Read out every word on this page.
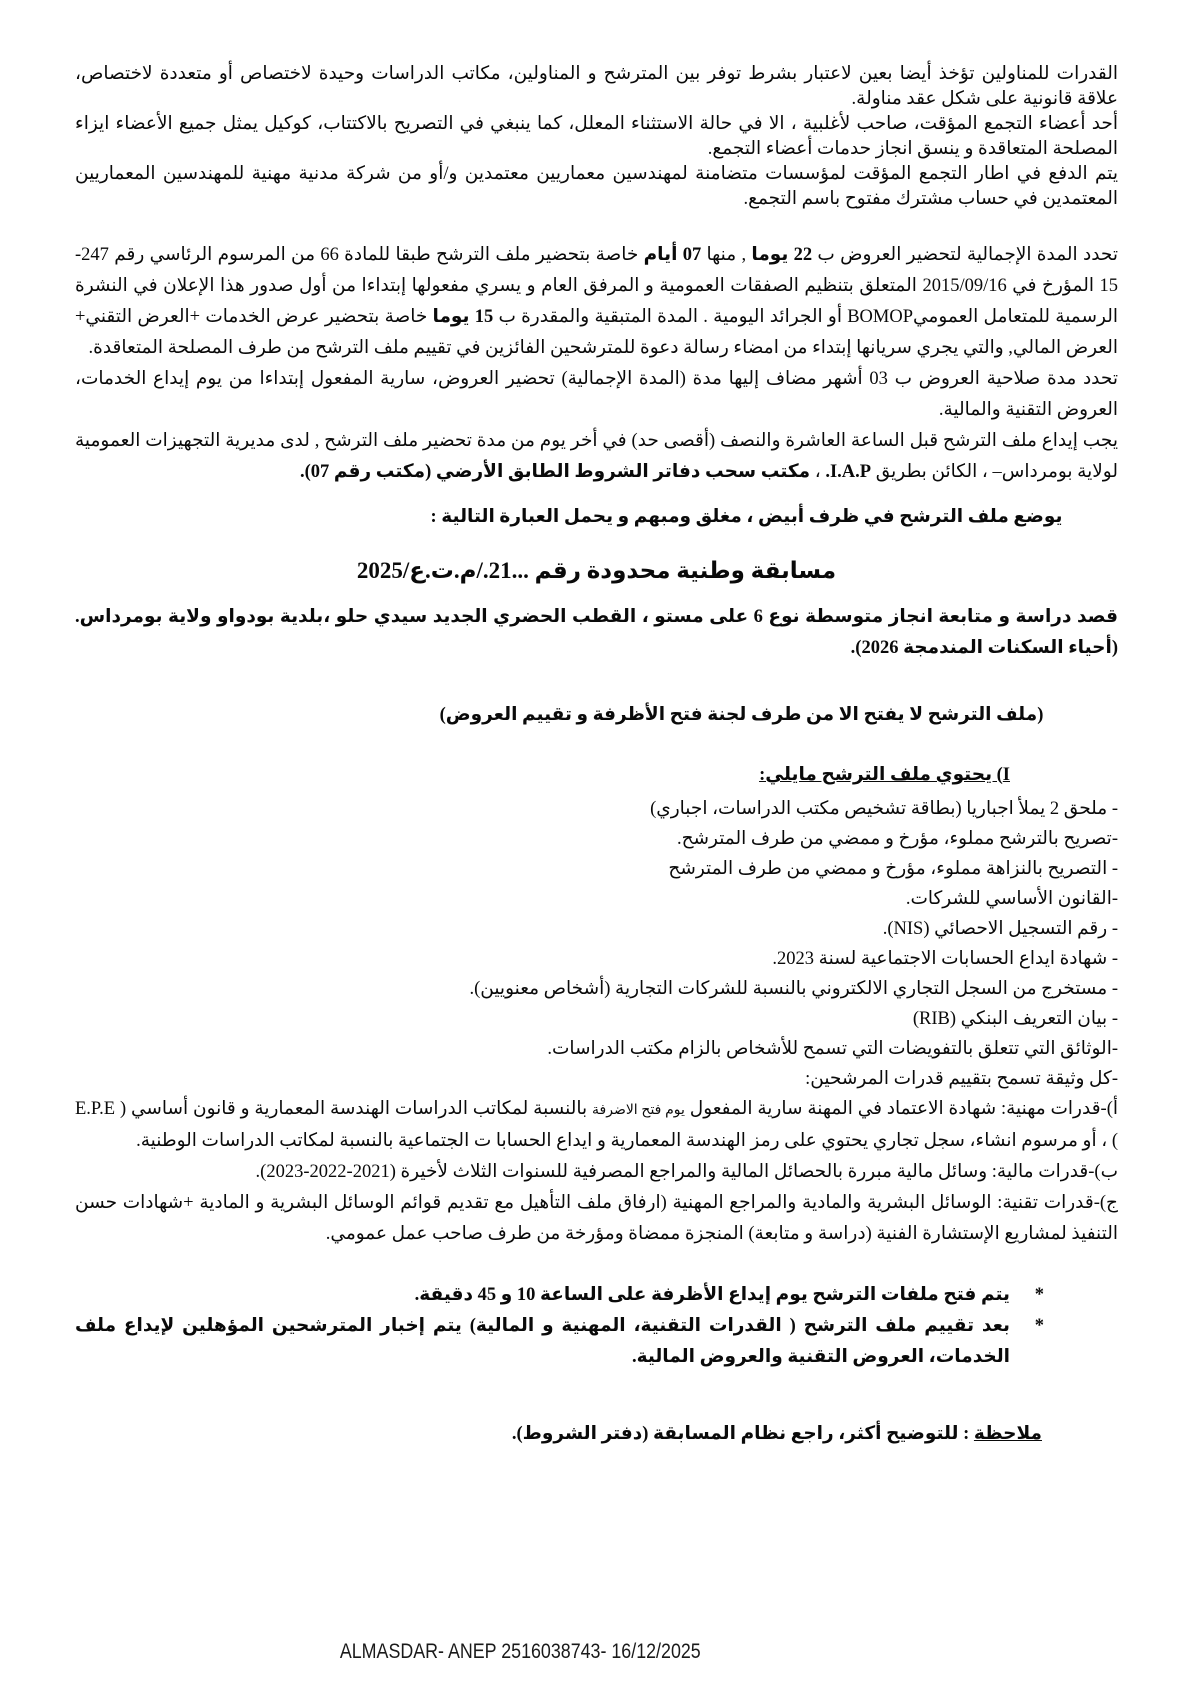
القدرات للمناولين تؤخذ أيضا بعين لاعتبار بشرط توفر بين المترشح و المناولين، مكاتب الدراسات وحيدة لاختصاص أو متعددة لاختصاص، علاقة قانونية على شكل عقد مناولة.
أحد أعضاء التجمع المؤقت، صاحب لأغلبية ، الا في حالة الاستثناء المعلل، كما ينبغي في التصريح بالاكتتاب، كوكيل يمثل جميع الأعضاء ايزاء المصلحة المتعاقدة و ينسق انجاز حدمات أعضاء التجمع.
يتم الدفع في اطار التجمع المؤقت لمؤسسات متضامنة لمهندسين معماريين معتمدين و/أو من شركة مدنية مهنية للمهندسين المعماريين المعتمدين في حساب مشترك مفتوح باسم التجمع.
تحدد المدة الإجمالية لتحضير العروض ب 22 يوما , منها 07 أيام خاصة بتحضير ملف الترشح طبقا للمادة 66 من المرسوم الرئاسي رقم 247-15 المؤرخ في 2015/09/16 المتعلق بتنظيم الصفقات العمومية و المرفق العام و يسري مفعولها إبتداءا من أول صدور هذا الإعلان في النشرة الرسمية للمتعامل العموميBOMOP أو الجرائد اليومية . المدة المتبقية والمقدرة ب 15 يوما خاصة بتحضير عرض الخدمات +العرض التقني+ العرض المالي, والتي يجري سريانها إبتداء من امضاء رسالة دعوة للمترشحين الفائزين في تقييم ملف الترشح من طرف المصلحة المتعاقدة.
تحدد مدة صلاحية العروض ب 03 أشهر مضاف إليها مدة (المدة الإجمالية) تحضير العروض، سارية المفعول إبتداءا من يوم إيداع الخدمات، العروض التقنية والمالية.
يجب إيداع ملف الترشح قبل الساعة العاشرة والنصف (أقصى حد) في أخر يوم من مدة تحضير ملف الترشح , لدى مديرية التجهيزات العمومية لولاية بومرداس– ، الكائن بطريق I.A.P. ، مكتب سحب دفاتر الشروط الطابق الأرضي (مكتب رقم 07).
يوضع ملف الترشح في ظرف أبيض ، مغلق ومبهم و يحمل العبارة التالية :
مسابقة وطنية محدودة رقم ...21./م.ت.ع/2025
قصد دراسة و متابعة انجاز متوسطة نوع 6 على مستو ، القطب الحضري الجديد سيدي حلو ،بلدية بودواو ولاية بومرداس. (أحياء السكنات المندمجة 2026).
(ملف الترشح لا يفتح الا من طرف لجنة فتح الأظرفة و تقييم العروض)
I) يحتوي ملف الترشح مايلي:
- ملحق 2 يملأ اجباريا (بطاقة تشخيص مكتب الدراسات، اجباري)
-تصريح بالترشح مملوء، مؤرخ و ممضي من طرف المترشح.
- التصريح بالنزاهة مملوء، مؤرخ و ممضي من طرف المترشح
-القانون الأساسي للشركات.
- رقم التسجيل الاحصائي (NIS).
- شهادة ايداع الحسابات الاجتماعية لسنة 2023.
- مستخرج من السجل التجاري الالكتروني بالنسبة للشركات التجارية (أشخاص معنويين).
- بيان التعريف البنكي (RIB)
-الوثائق التي تتعلق بالتفويضات التي تسمح للأشخاص بالزام مكتب الدراسات.
-كل وثيقة تسمح بتقييم قدرات المرشحين:
أ)-قدرات مهنية: شهادة الاعتماد في المهنة سارية المفعول يوم فتح الاضرفة بالنسبة لمكاتب الدراسات الهندسة المعمارية و قانون أساسي ( E.P.E ) ، أو مرسوم انشاء، سجل تجاري يحتوي على رمز الهندسة المعمارية و ايداع الحسابا ت الجتماعية بالنسبة لمكاتب الدراسات الوطنية.
ب)-قدرات مالية: وسائل مالية مبررة بالحصائل المالية والمراجع المصرفية للسنوات الثلاث لأخيرة (2021-2022-2023).
ج)-قدرات تقنية: الوسائل البشرية والمادية والمراجع المهنية (ارفاق ملف التأهيل مع تقديم قوائم الوسائل البشرية و المادية +شهادات حسن التنفيذ لمشاريع الإستشارة الفنية (دراسة و متابعة) المنجزة ممضاة ومؤرخة من طرف صاحب عمل عمومي.
*
يتم فتح ملفات الترشح يوم إيداع الأظرفة على الساعة 10 و 45 دقيقة.
*
بعد تقييم ملف الترشح ( القدرات التقنية، المهنية و المالية) يتم إخبار المترشحين المؤهلين لإيداع ملف الخدمات، العروض التقنية والعروض المالية.
ملاحظة : للتوضيح أكثر، راجع نظام المسابقة (دفتر الشروط).
ALMASDAR- ANEP 2516038743- 16/12/2025
